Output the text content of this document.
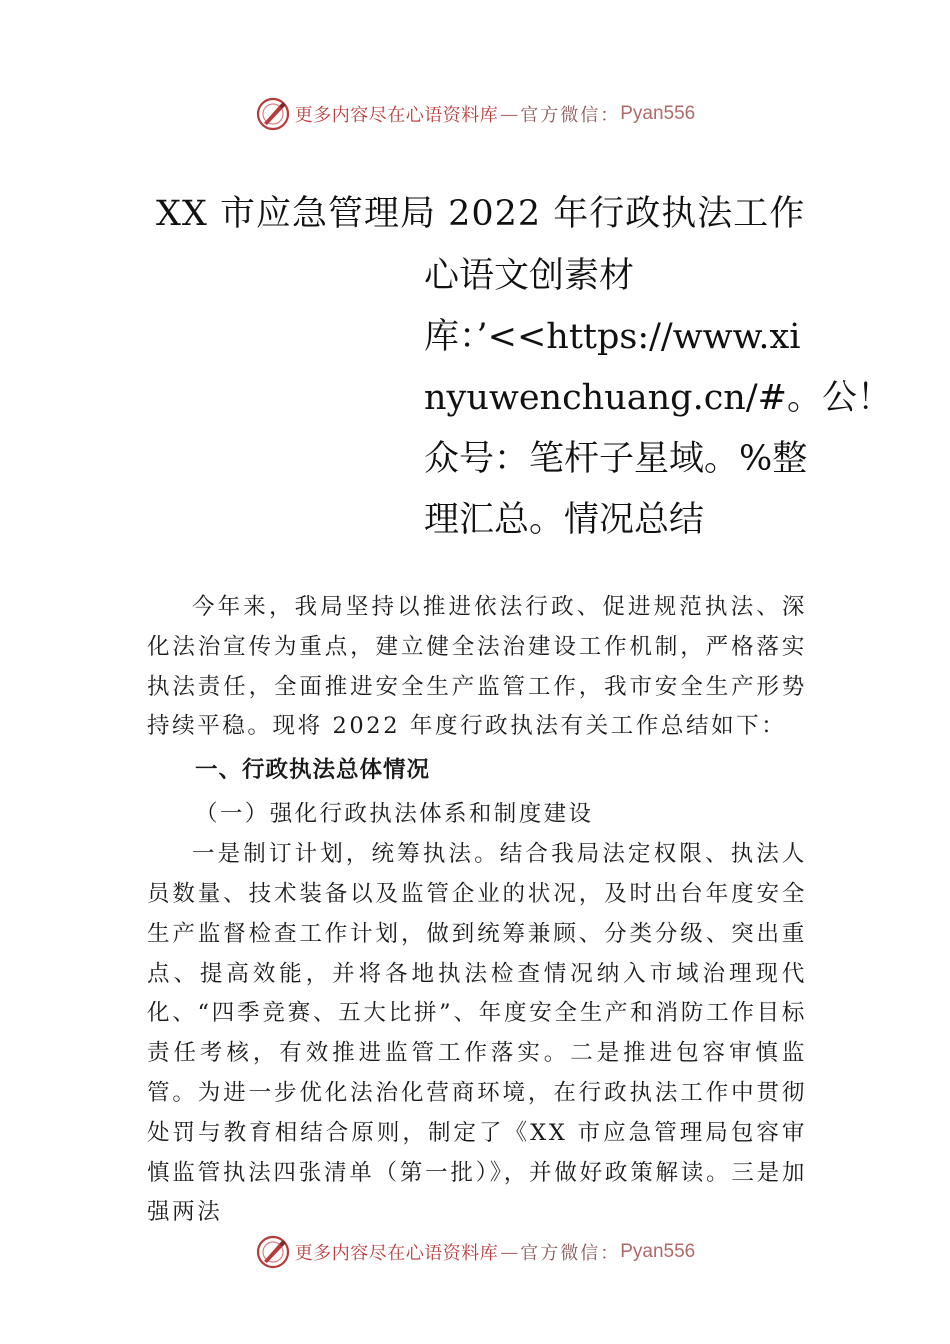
更多内容尽在心语资料库 — 官方微信： Pyan556
XX 市应急管理局 2022 年行政执法工作
心语文创素材
库：’<<https://www.xi
nyuwenchuang.cn/#。公！
众号：笔杆子星域。%整
理汇总。情况总结

今年来，我局坚持以推进依法行政、促进规范执法、深化法治宣传为重点，建立健全法治建设工作机制，严格落实执法责任，全面推进安全生产监管工作，我市安全生产形势持续平稳。现将 2022 年度行政执法有关工作总结如下：

一、行政执法总体情况
（一）强化行政执法体系和制度建设

一是制订计划，统筹执法。结合我局法定权限、执法人员数量、技术装备以及监管企业的状况，及时出台年度安全生产监督检查工作计划，做到统筹兼顾、分类分级、突出重点、提高效能，并将各地执法检查情况纳入市域治理现代化、“四季竞赛、五大比拼”、年度安全生产和消防工作目标责任考核，有效推进监管工作落实。二是推进包容审慎监管。为进一步优化法治化营商环境，在行政执法工作中贯彻处罚与教育相结合原则，制定了《XX 市应急管理局包容审慎监管执法四张清单（第一批）》，并做好政策解读。三是加强两法

更多内容尽在心语资料库 — 官方微信： Pyan556
